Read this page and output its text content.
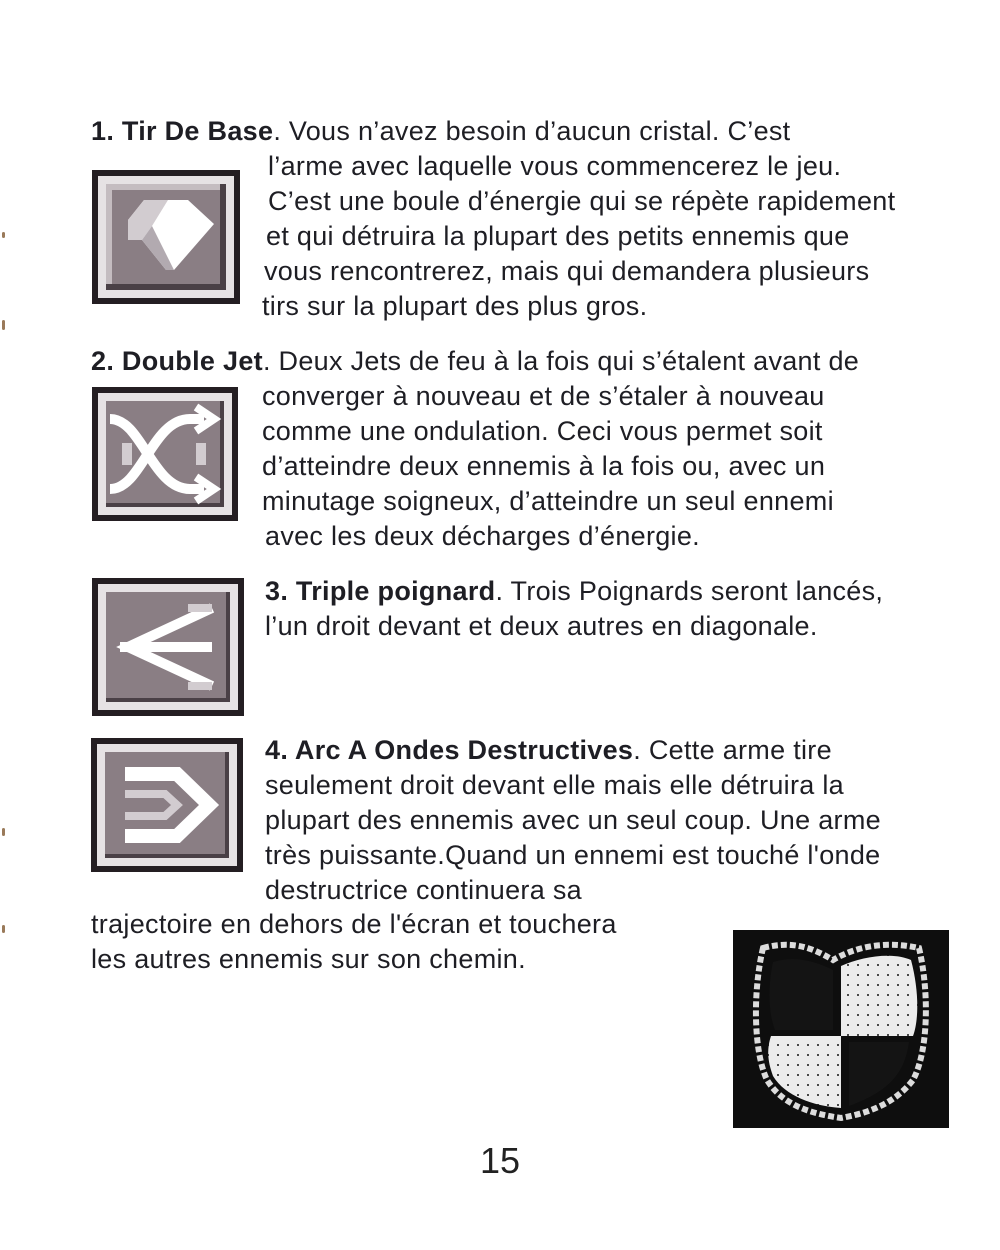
1. Tir De Base. Vous n’avez besoin d’aucun cristal. C’est
l’arme avec laquelle vous commencerez le jeu.
C’est une boule d’énergie qui se répète rapidement
et qui détruira la plupart des petits ennemis que
vous rencontrerez, mais qui demandera plusieurs
tirs sur la plupart des plus gros.
2. Double Jet. Deux Jets de feu à la fois qui s’étalent avant de
converger à nouveau et de s’étaler à nouveau
comme une ondulation. Ceci vous permet soit
d’atteindre deux ennemis à la fois ou, avec un
minutage soigneux, d’atteindre un seul ennemi
avec les deux décharges d’énergie.
3. Triple poignard. Trois Poignards seront lancés,
l’un droit devant et deux autres en diagonale.
4. Arc A Ondes Destructives. Cette arme tire
seulement droit devant elle mais elle détruira la
plupart des ennemis avec un seul coup. Une arme
très puissante.Quand un ennemi est touché l'onde
destructrice continuera sa
trajectoire en dehors de l'écran et touchera
les autres ennemis sur son chemin.
15
